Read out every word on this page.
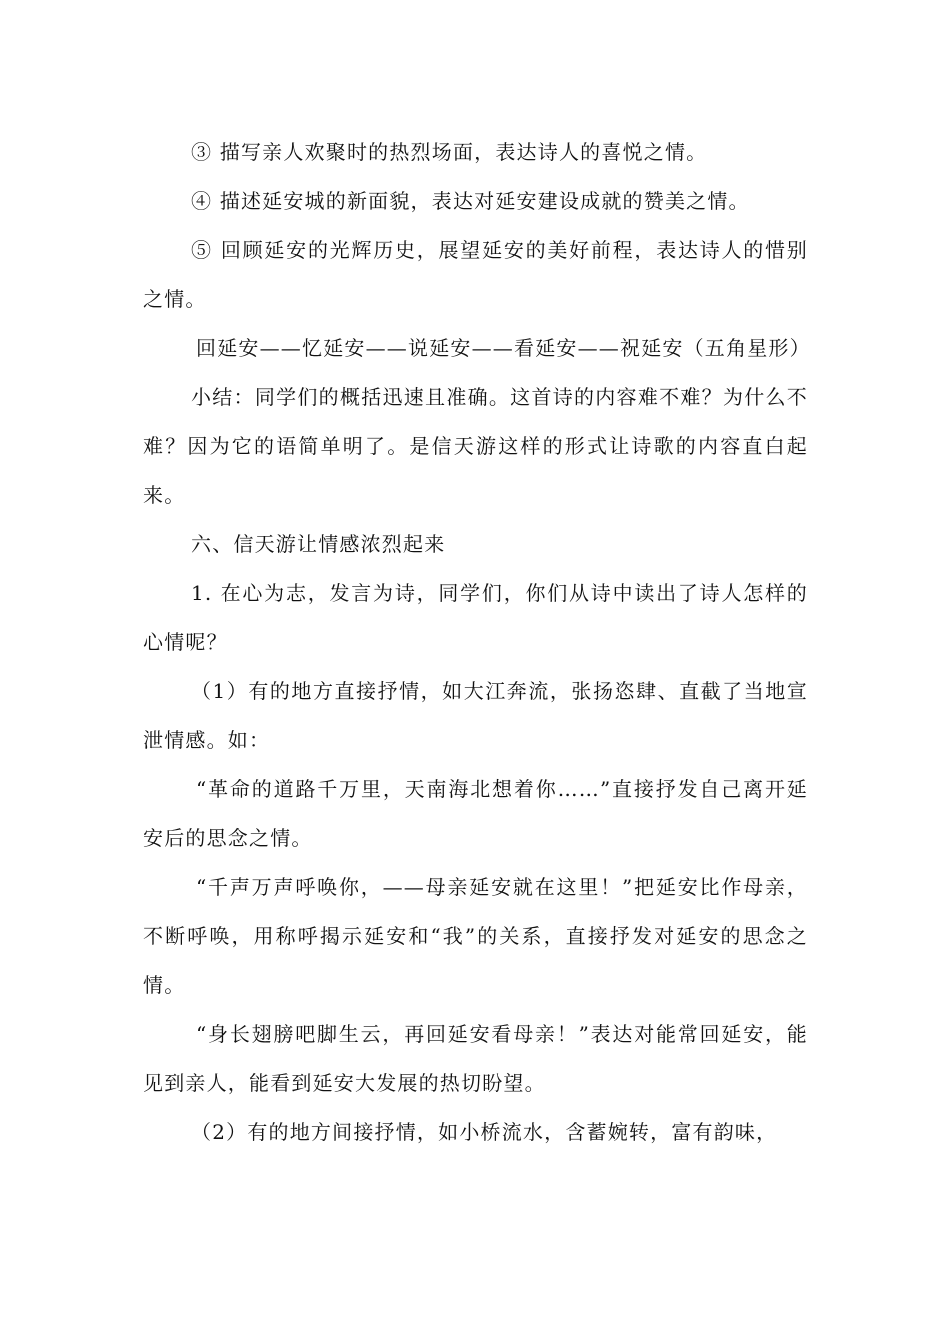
③ 描写亲人欢聚时的热烈场面，表达诗人的喜悦之情。

④ 描述延安城的新面貌，表达对延安建设成就的赞美之情。

⑤ 回顾延安的光辉历史，展望延安的美好前程，表达诗人的惜别之情。

回延安——忆延安——说延安——看延安——祝延安（五角星形）

小结：同学们的概括迅速且准确。这首诗的内容难不难？为什么不难？因为它的语简单明了。是信天游这样的形式让诗歌的内容直白起来。

六、信天游让情感浓烈起来

1. 在心为志，发言为诗，同学们，你们从诗中读出了诗人怎样的心情呢？

（1）有的地方直接抒情，如大江奔流，张扬恣肆、直截了当地宣泄情感。如：

“革命的道路千万里，天南海北想着你……”直接抒发自己离开延安后的思念之情。

“千声万声呼唤你，——母亲延安就在这里！”把延安比作母亲，不断呼唤，用称呼揭示延安和“我”的关系，直接抒发对延安的思念之情。

“身长翅膀吧脚生云，再回延安看母亲！”表达对能常回延安，能见到亲人，能看到延安大发展的热切盼望。

（2）有的地方间接抒情，如小桥流水，含蓄婉转，富有韵味，
